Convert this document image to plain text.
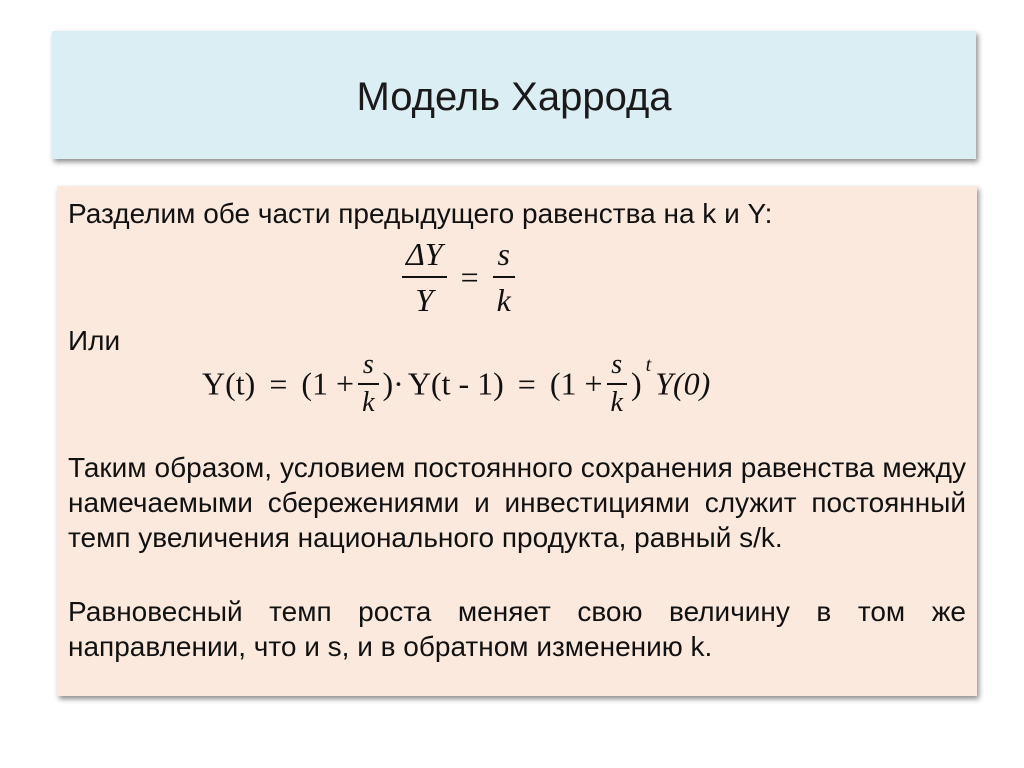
Модель Харрода
Разделим обе части предыдущего равенства на k и Y:
$\frac{\Delta Y}{Y} = \frac{s}{k}$
Или
$Y(t) = (1 + \frac{s}{k}$ )· $Y(t - 1) = (1 + \frac{s}{k}$ ) t Y(0)
Таким образом, условием постоянного сохранения равенства между намечаемыми сбережениями и инвестициями служит постоянный темп увеличения национального продукта, равный s/k.
Равновесный темп роста меняет свою величину в том же направлении, что и s, и в обратном изменению k.
